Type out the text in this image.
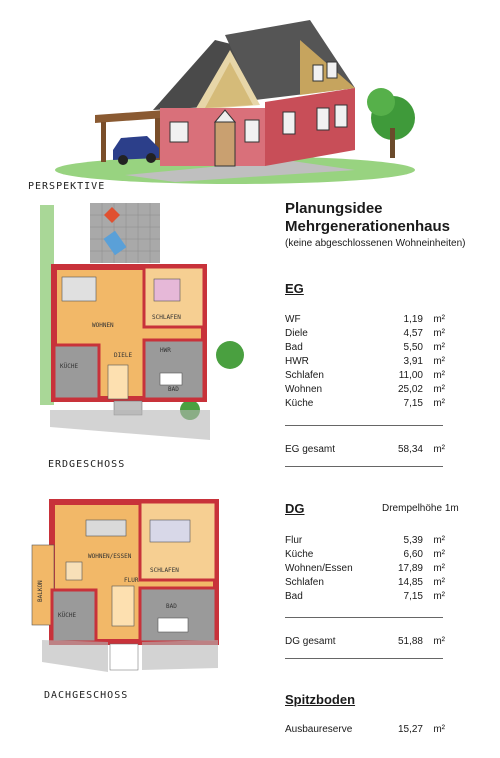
PERSPEKTIVE
WOHNEN
SCHLAFEN
KÜCHE
DIELE
HWR
BAD
ERDGESCHOSS
WOHNEN/ESSEN
SCHLAFEN
KÜCHE
FLUR
BAD
BALKON
DACHGESCHOSS
Planungsidee
Mehrgenerationenhaus
(keine abgeschlossenen Wohneinheiten)
EG
WF	1,19 m²
Diele	4,57 m²
Bad	5,50 m²
HWR	3,91 m²
Schlafen	11,00 m²
Wohnen	25,02 m²
Küche	7,15 m²
EG gesamt	58,34 m²
DG	Drempelhöhe 1m
Flur	5,39 m²
Küche	6,60 m²
Wohnen/Essen	17,89 m²
Schlafen	14,85 m²
Bad	7,15 m²
DG gesamt	51,88 m²
Spitzboden
Ausbaureserve	15,27 m²
